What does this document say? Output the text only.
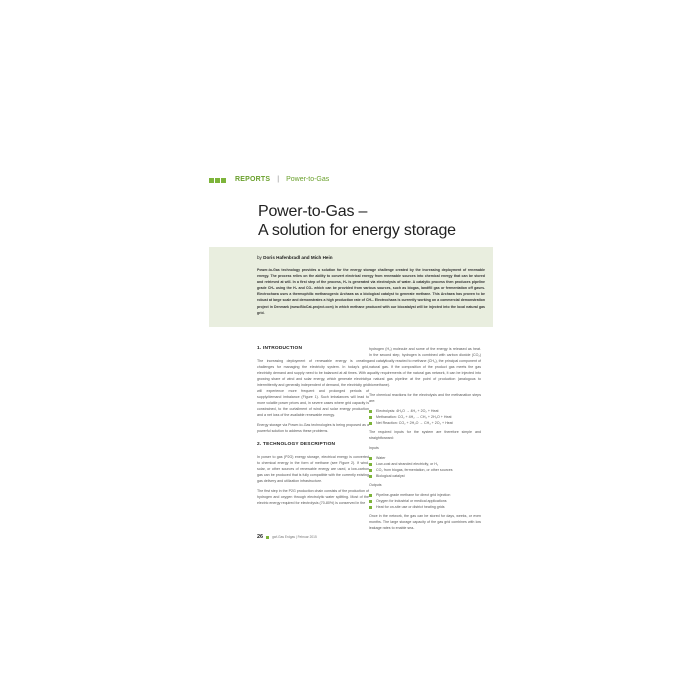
REPORTS | Power-to-Gas
Power-to-Gas –
A solution for energy storage
by Doris Hafenbradl and Mich Hein
Power-to-Gas technology provides a solution for the energy storage challenge created by the increasing deployment of renewable energy. The process relies on the ability to convert electrical energy from renewable sources into chemical energy that can be stored and retrieved at will. In a first step of the process, H₂ is generated via electrolysis of water. A catalytic process then produces pipeline grade CH₄ using the H₂ and CO₂ which can be provided from various sources, such as biogas, landfill gas or fermentation off gases. Electrochaea uses a thermophilic methanogenic Archaea as a biological catalyst to generate methane. This Archaea has proven to be robust at large scale and demonstrates a high production rate of CH₄. Electrochaea is currently working on a commercial demonstration project in Denmark (www.BioCat-project.com) in which methane produced with our biocatalyst will be injected into the local natural gas grid.
1. INTRODUCTION

The increasing deployment of renewable energy is creating challenges for managing the electricity system. In today's grid, electricity demand and supply need to be balanced at all times. With a growing share of wind and solar energy, which generate electricity intermittently and generally independent of demand, the electricity grid will experience more frequent and prolonged periods of supply/demand imbalance (Figure 1). Such imbalances will lead to more volatile power prices and, in severe cases where grid capacity is constrained, to the curtailment of wind and solar energy production and a net loss of the available renewable energy.

Energy storage via Power-to-Gas technologies is being proposed as a powerful solution to address these problems.

2. TECHNOLOGY DESCRIPTION

In power to gas (P2G) energy storage, electrical energy is converted to chemical energy in the form of methane (see Figure 2). If wind, solar, or other sources of renewable energy are used, a low-carbon gas can be produced that is fully compatible with the currently existing gas delivery and utilization infrastructure.

The first step in the P2G production chain consists of the production of hydrogen and oxygen through electrolytic water splitting. Most of the electric energy required for electrolysis (70-80%) is conserved in the

hydrogen (H₂) molecule and some of the energy is released as heat. In the second step, hydrogen is combined with carbon dioxide (CO₂) and catalytically reacted to methane (CH₄), the principal component of natural gas. If the composition of the product gas meets the gas quality requirements of the natural gas network, it can be injected into a natural gas pipeline at the point of production (analogous to biomethane).

The chemical reactions for the electrolysis and the methanation steps are:

Electrolysis: 4H₂O → 4H₂ + 2O₂ + Heat
Methanation: CO₂ + 4H₂ → CH₄ + 2H₂O + Heat
Net Reaction: CO₂ + 2H₂O → CH₄ + 2O₂ + Heat

The required inputs for the system are therefore simple and straightforward:

Inputs

Water
Low-cost and stranded electricity, or H₂
CO₂ from biogas, fermentation, or other sources
Biological catalyst

Outputs

Pipeline-grade methane for direct grid injection
Oxygen for industrial or medical applications
Heat for on-site use or district heating grids

Once in the network, the gas can be stored for days, weeks, or even months. The large storage capacity of the gas grid combines with low leakage rates to enable sea-

26	gwf-Gas Erdgas | Februar 2015
